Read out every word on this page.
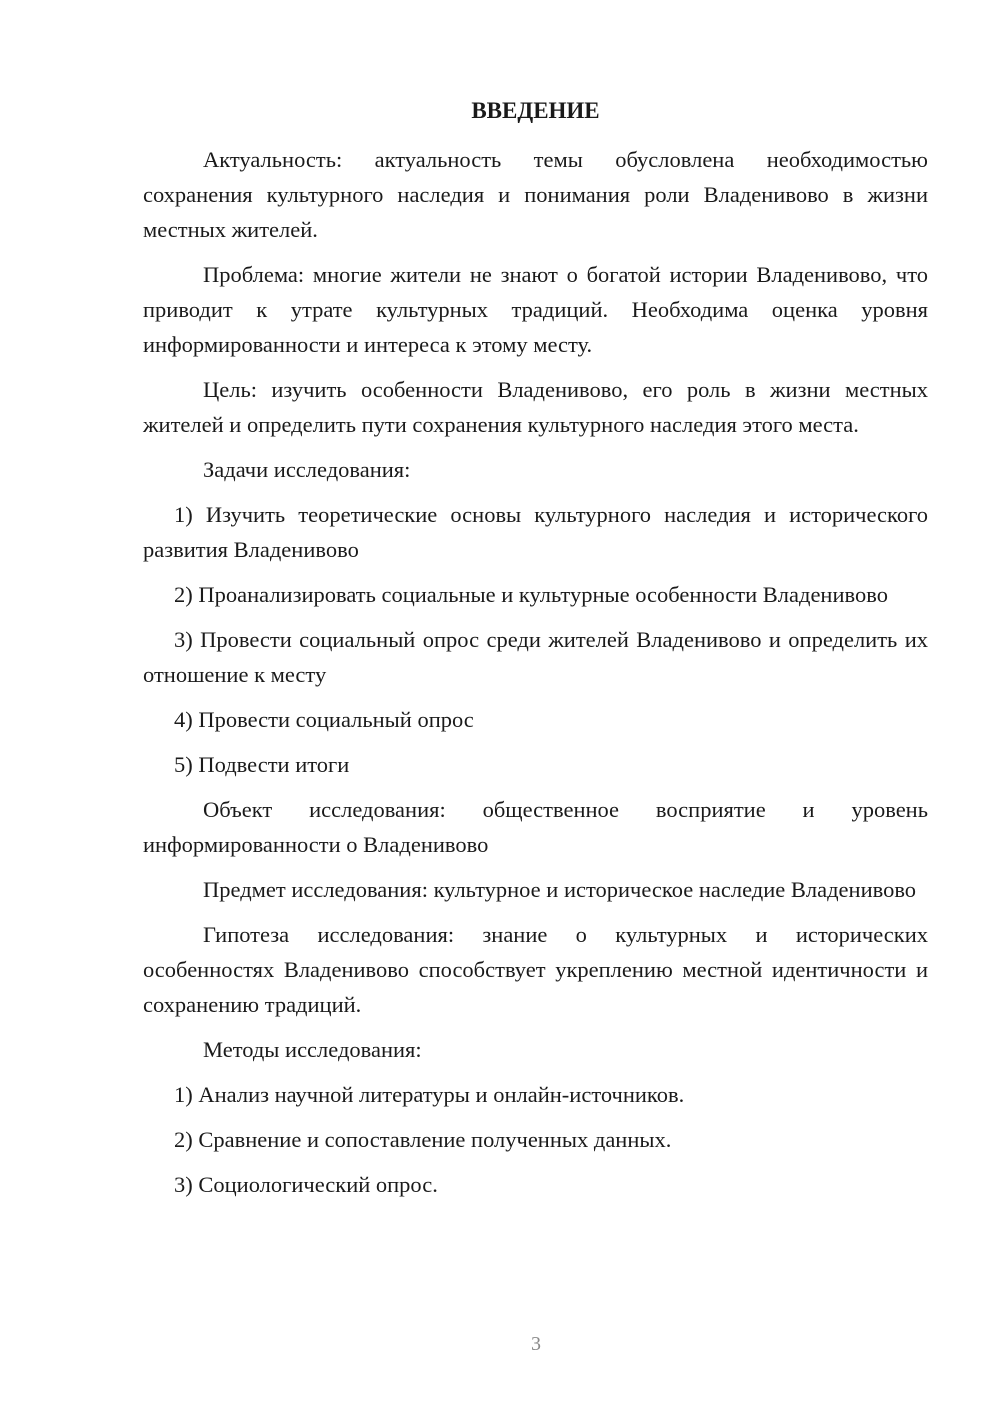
ВВЕДЕНИЕ

Актуальность: актуальность темы обусловлена необходимостью сохранения культурного наследия и понимания роли Владенивово в жизни местных жителей.

Проблема: многие жители не знают о богатой истории Владенивово, что приводит к утрате культурных традиций. Необходима оценка уровня информированности и интереса к этому месту.

Цель: изучить особенности Владенивово, его роль в жизни местных жителей и определить пути сохранения культурного наследия этого места.

Задачи исследования:

1) Изучить теоретические основы культурного наследия и исторического развития Владенивово

2) Проанализировать социальные и культурные особенности Владенивово

3) Провести социальный опрос среди жителей Владенивово и определить их отношение к месту

4) Провести социальный опрос

5) Подвести итоги

Объект исследования: общественное восприятие и уровень информированности о Владенивово

Предмет исследования: культурное и историческое наследие Владенивово

Гипотеза исследования: знание о культурных и исторических особенностях Владенивово способствует укреплению местной идентичности и сохранению традиций.

Методы исследования:

1) Анализ научной литературы и онлайн-источников.

2) Сравнение и сопоставление полученных данных.

3) Социологический опрос.

3
